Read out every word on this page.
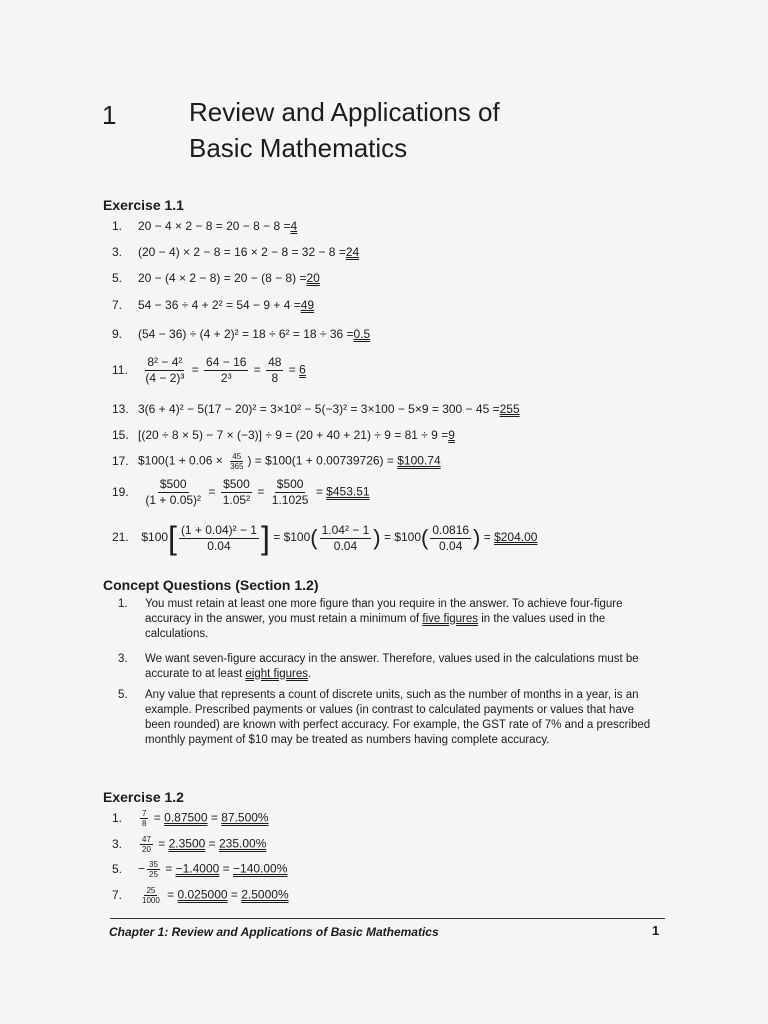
1	Review and Applications of
Basic Mathematics
Exercise 1.1
1. 20 − 4 × 2 − 8 = 20 − 8 − 8 =4
3. (20 − 4) × 2 − 8 = 16 × 2 − 8 = 32 − 8 =24
5. 20 − (4 × 2 − 8) = 20 − (8 − 8) =20
7. 54 − 36 ÷ 4 + 2² = 54 − 9 + 4 =49
9. (54 − 36) ÷ (4 + 2)² = 18 ÷ 6² = 18 ÷ 36 =0.5
11. $\frac{\text{8² − 4²}}{\text{(4 − 2)³}} = \frac{64 - 16}{\text{2³}} = \frac{48}{8} = 6$
13. 3(6 + 4)² − 5(17 − 20)² = 3×10² − 5(−3)² = 3×100 − 5×9 = 300 − 45 =255
15. [(20 ÷ 8 × 5) − 7 × (−3)] ÷ 9 = (20 + 40 + 21) ÷ 9 = 81 ÷ 9 =9
17. $100(1 + $0.06 \times \frac{45}{365}$ ) = $100(1 + 0.00739726) = $100.74
19. $\frac{\$500}{\text{(1 + 0.05)²}} = \frac{\$500}{\text{1.05²}} = \frac{\$500}{1.1025}$ = $453.51
21. $100[ $\frac{\text{(1 + 0.04)² − 1}}{0.04}$ ] = $100( $\frac{\text{1.04² − 1}}{0.04}$ ) = $100( $\frac{0.0816}{0.04}$ ) = $204.00
Concept Questions (Section 1.2)
1. You must retain at least one more figure than you require in the answer. To achieve four-figure accuracy in the answer, you must retain a minimum of five figures in the values used in the calculations.
3. We want seven-figure accuracy in the answer. Therefore, values used in the calculations must be accurate to at least eight figures.
5. Any value that represents a count of discrete units, such as the number of months in a year, is an example. Prescribed payments or values (in contrast to calculated payments or values that have been rounded) are known with perfect accuracy. For example, the GST rate of 7% and a prescribed monthly payment of $10 may be treated as numbers having complete accuracy.
Exercise 1.2
1. $\frac{7}{8} = 0.87500 = 87.500\%$
3. $\frac{47}{20} = 2.3500 = 235.00\%$
5. − $\frac{35}{25} = -1.4000 = -140.00\%$
7. $\frac{25}{1000} = 0.025000 = 2.5000\%$
Chapter 1: Review and Applications of Basic Mathematics	1
